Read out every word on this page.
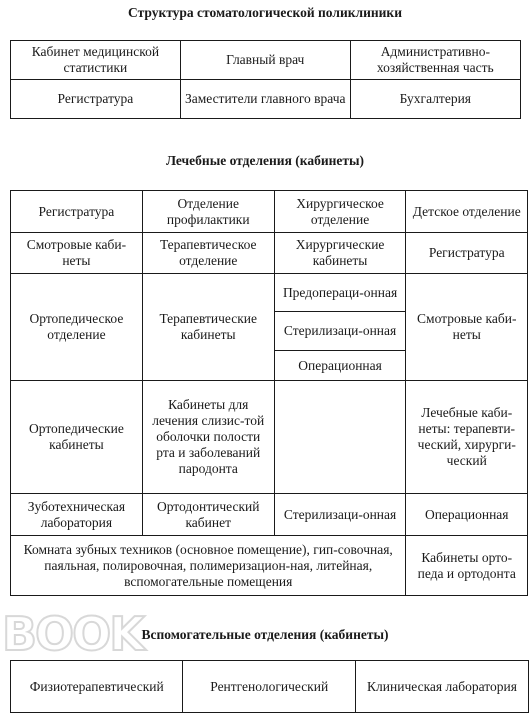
Структура стоматологической поликлиники
Кабинет медицинской статистики	Главный врач	Административно-хозяйственная часть
Регистратура	Заместители главного врача	Бухгалтерия
Лечебные отделения (кабинеты)
Регистратура	Отделение профилактики	Хирургическое отделение	Детское отделение
Смотровые каби-неты	Терапевтическое отделение	Хирургические кабинеты	Регистратура
Ортопедическое отделение	Терапевтические кабинеты	Предопераци-онная	Смотровые каби-неты
		Стерилизаци-онная	
		Операционная	
Ортопедические кабинеты	Кабинеты для лечения слизис-той оболочки полости рта и заболеваний пародонта		Лечебные каби-неты: терапевти-ческий, хирурги-ческий
Зуботехническая лаборатория	Ортодонтический кабинет	Стерилизаци-онная	Операционная
Комната зубных техников (основное помещение), гип-совочная, паяльная, полировочная, полимеризацион-ная, литейная, вспомогательные помещения			Кабинеты орто-педа и ортодонта
Вспомогательные отделения (кабинеты)
Физиотерапевтический	Рентгенологический	Клиническая лаборатория
BOOK
